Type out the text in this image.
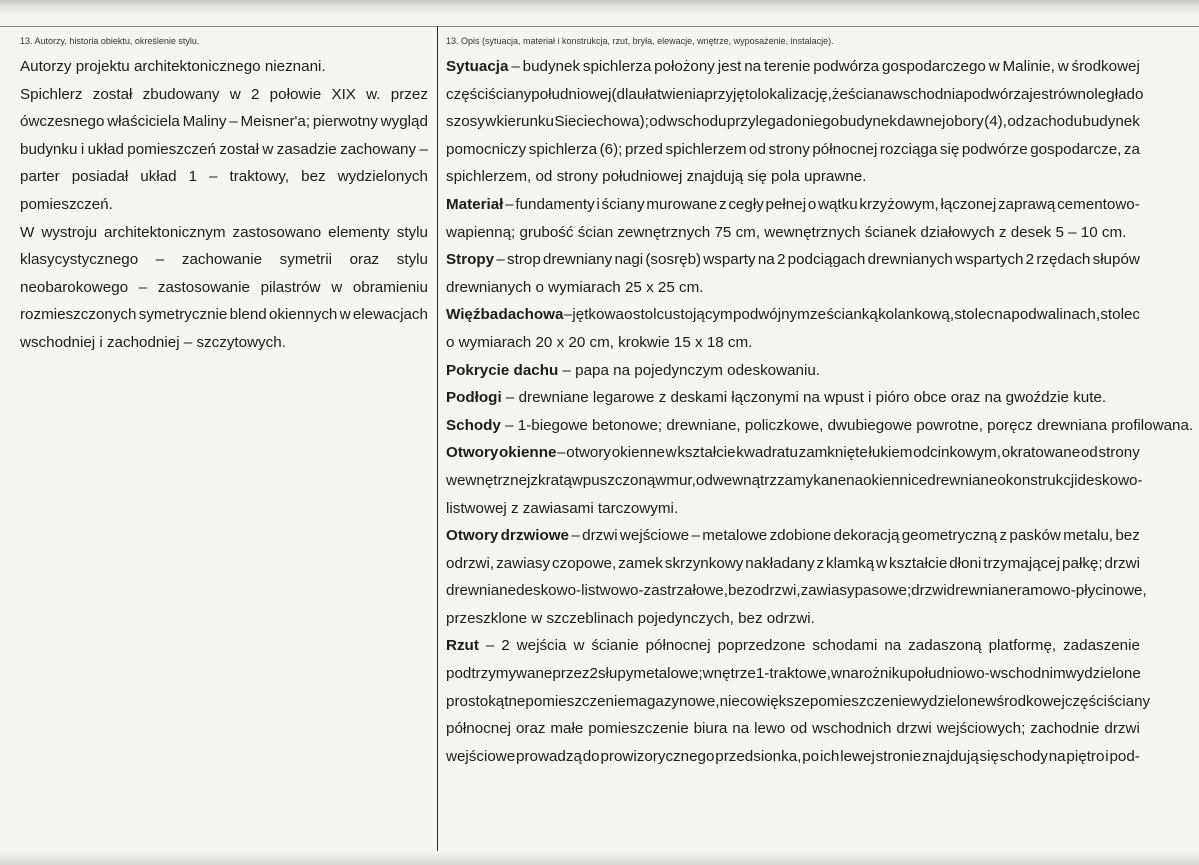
13. Autorzy, historia obiektu, określenie stylu.
Autorzy projektu architektonicznego nieznani.
Spichlerz został zbudowany w 2 połowie XIX w. przez
ówczesnego właściciela Maliny – Meisner'a; pierwotny wygląd
budynku i układ pomieszczeń został w zasadzie zachowany –
parter posiadał układ 1 – traktowy, bez wydzielonych
pomieszczeń.
W wystroju architektonicznym zastosowano elementy stylu
klasycystycznego – zachowanie symetrii oraz stylu
neobarokowego – zastosowanie pilastrów w obramieniu
rozmieszczonych symetrycznie blend okiennych w elewacjach
wschodniej i zachodniej – szczytowych.
13. Opis (sytuacja, materiał i konstrukcja, rzut, bryła, elewacje, wnętrze, wyposażenie, instalacje).
Sytuacja – budynek spichlerza położony jest na terenie podwórza gospodarczego w Malinie, w środkowej
części ściany południowej (dla ułatwienia przyjęto lokalizację, że ściana wschodnia podwórza jest równoległa do
szosy w kierunku Sieciechowa); od wschodu przylega do niego budynek dawnej obory (4), od zachodu budynek
pomocniczy spichlerza (6); przed spichlerzem od strony północnej rozciąga się podwórze gospodarcze, za
spichlerzem, od strony południowej znajdują się pola uprawne.
Materiał – fundamenty i ściany murowane z cegły pełnej o wątku krzyżowym, łączonej zaprawą cementowo-
wapienną; grubość ścian zewnętrznych 75 cm, wewnętrznych ścianek działowych z desek 5 – 10 cm.
Stropy – strop drewniany nagi (sosręb) wsparty na 2 podciągach drewnianych wspartych 2 rzędach słupów
drewnianych o wymiarach 25 x 25 cm.
Więźba dachowa – jętkowa o stolcu stojącym podwójnym ze ścianką kolankową, stolec na podwalinach, stolec
o wymiarach 20 x 20 cm, krokwie 15 x 18 cm.
Pokrycie dachu – papa na pojedynczym odeskowaniu.
Podłogi – drewniane legarowe z deskami łączonymi na wpust i pióro obce oraz na gwoździe kute.
Schody – 1-biegowe betonowe; drewniane, policzkowe, dwubiegowe powrotne, poręcz drewniana profilowana.
Otwory okienne – otwory okienne w kształcie kwadratu zamknięte łukiem odcinkowym, okratowane od strony
wewnętrznej z kratą wpuszczoną w mur, od wewnątrz zamykane na okiennice drewniane o konstrukcji deskowo-
listwowej z zawiasami tarczowymi.
Otwory drzwiowe – drzwi wejściowe – metalowe zdobione dekoracją geometryczną z pasków metalu, bez
odrzwi, zawiasy czopowe, zamek skrzynkowy nakładany z klamką w kształcie dłoni trzymającej pałkę; drzwi
drewniane deskowo-listwowo-zastrzałowe, bez odrzwi, zawiasy pasowe; drzwi drewniane ramowo-płycinowe,
przeszklone w szczeblinach pojedynczych, bez odrzwi.
Rzut – 2 wejścia w ścianie północnej poprzedzone schodami na zadaszoną platformę, zadaszenie
podtrzymywane przez 2 słupy metalowe; wnętrze 1-traktowe, w narożniku południowo-wschodnim wydzielone
prostokątne pomieszczenie magazynowe, nieco większe pomieszczenie wydzielone w środkowej części ściany
północnej oraz małe pomieszczenie biura na lewo od wschodnich drzwi wejściowych; zachodnie drzwi
wejściowe prowadzą do prowizorycznego przedsionka, po ich lewej stronie znajdują się schody na piętro i pod-
